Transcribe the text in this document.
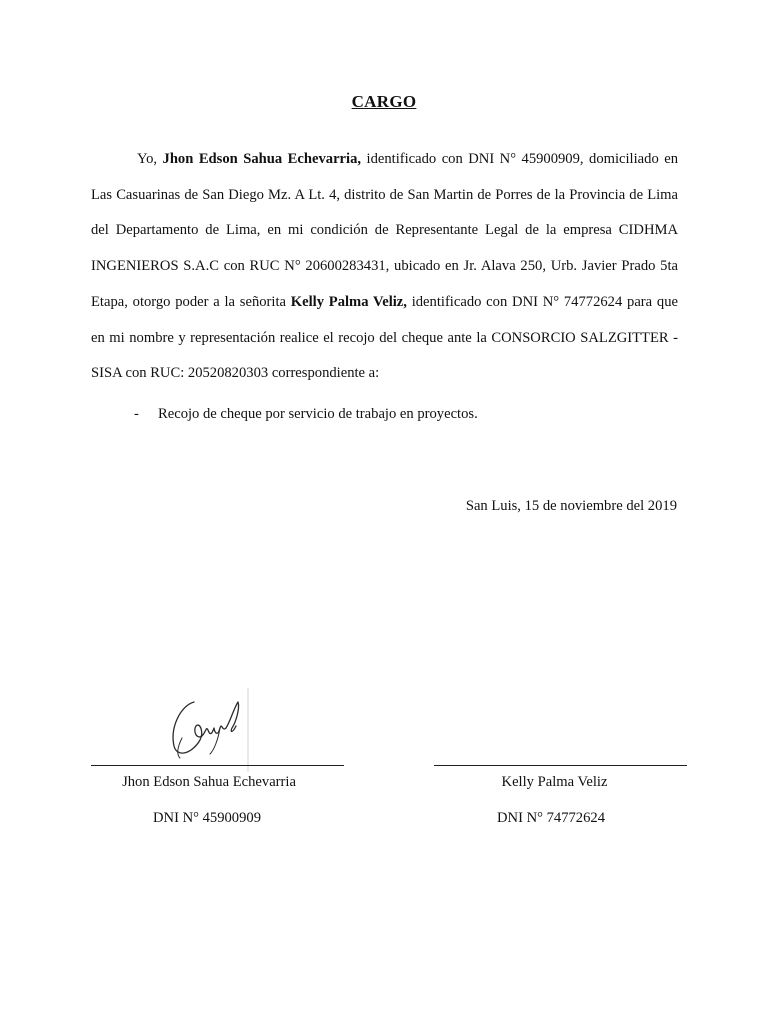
CARGO

Yo, Jhon Edson Sahua Echevarria, identificado con DNI N° 45900909, domiciliado en Las Casuarinas de San Diego Mz. A Lt. 4, distrito de San Martin de Porres de la Provincia de Lima del Departamento de Lima, en mi condición de Representante Legal de la empresa CIDHMA INGENIEROS S.A.C con RUC N° 20600283431, ubicado en Jr. Alava 250, Urb. Javier Prado 5ta Etapa, otorgo poder a la señorita Kelly Palma Veliz, identificado con DNI N° 74772624 para que en mi nombre y representación realice el recojo del cheque ante la CONSORCIO SALZGITTER - SISA con RUC: 20520820303 correspondiente a:

-	Recojo de cheque por servicio de trabajo en proyectos.
San Luis, 15 de noviembre del 2019
Jhon Edson Sahua Echevarria
DNI N° 45900909
Kelly Palma Veliz
DNI N° 74772624
